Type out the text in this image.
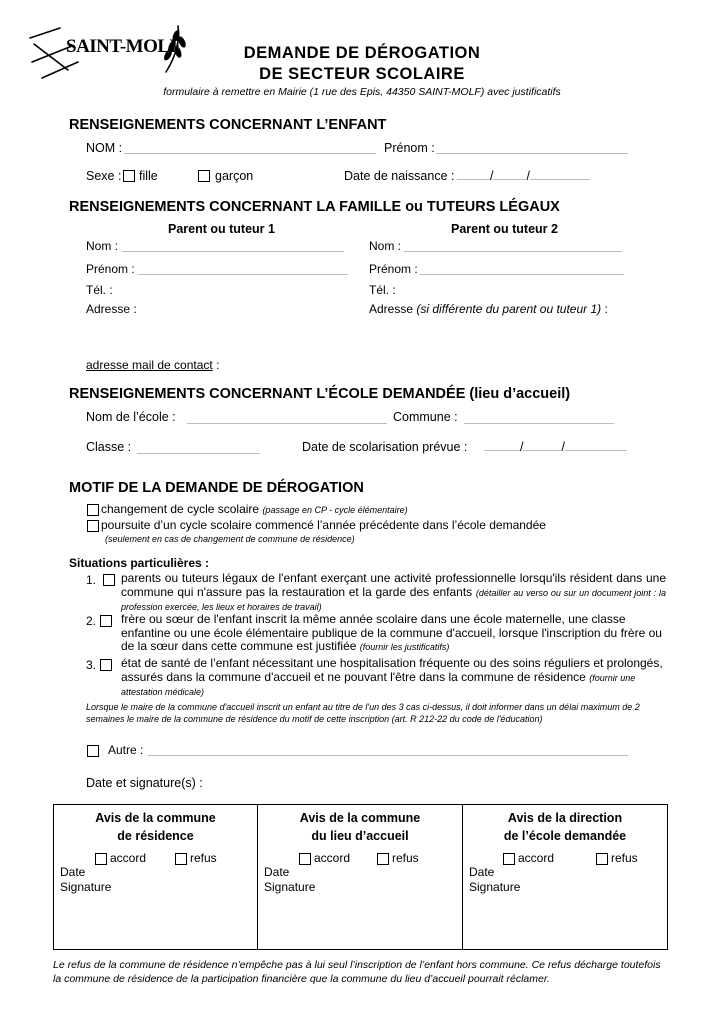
SAINT-MOLF	DEMANDE DE DÉROGATION
DE SECTEUR SCOLAIRE
formulaire à remettre en Mairie (1 rue des Epis, 44350 SAINT-MOLF) avec justificatifs
RENSEIGNEMENTS CONCERNANT L’ENFANT
NOM :	Prénom :
Sexe : fille	garçon	Date de naissance :	/	/
RENSEIGNEMENTS CONCERNANT LA FAMILLE ou TUTEURS LÉGAUX
Parent ou tuteur 1	Parent ou tuteur 2
Nom :	Nom :
Prénom :	Prénom :
Tél. :	Tél. :
Adresse :	Adresse (si différente du parent ou tuteur 1) :
adresse mail de contact :
RENSEIGNEMENTS CONCERNANT L’ÉCOLE DEMANDÉE (lieu d’accueil)
Nom de l’école :	Commune :
Classe :	Date de scolarisation prévue :	/	/
MOTIF DE LA DEMANDE DE DÉROGATION
changement de cycle scolaire (passage en CP - cycle élémentaire)
poursuite d’un cycle scolaire commencé l’année précédente dans l’école demandée
(seulement en cas de changement de commune de résidence)
Situations particulières :
1. parents ou tuteurs légaux de l'enfant exerçant une activité professionnelle lorsqu'ils résident dans une commune qui n'assure pas la restauration et la garde des enfants (détailler au verso ou sur un document joint : la profession exercée, les lieux et horaires de travail)
2. frère ou sœur de l'enfant inscrit la même année scolaire dans une école maternelle, une classe enfantine ou une école élémentaire publique de la commune d'accueil, lorsque l'inscription du frère ou de la sœur dans cette commune est justifiée (fournir les justificatifs)
3. état de santé de l’enfant nécessitant une hospitalisation fréquente ou des soins réguliers et prolongés, assurés dans la commune d'accueil et ne pouvant l'être dans la commune de résidence (fournir une attestation médicale)
Lorsque le maire de la commune d'accueil inscrit un enfant au titre de l'un des 3 cas ci-dessus, il doit informer dans un délai maximum de 2 semaines le maire de la commune de résidence du motif de cette inscription (art. R 212-22 du code de l'éducation)
Autre :
Date et signature(s) :
Avis de la commune
de résidence
accord	refus
Date
Signature
Avis de la commune
du lieu d’accueil
accord	refus
Date
Signature
Avis de la direction
de l’école demandée
accord	refus
Date
Signature
Le refus de la commune de résidence n’empêche pas à lui seul l’inscription de l’enfant hors commune. Ce refus décharge toutefois la commune de résidence de la participation financière que la commune du lieu d’accueil pourrait réclamer.
